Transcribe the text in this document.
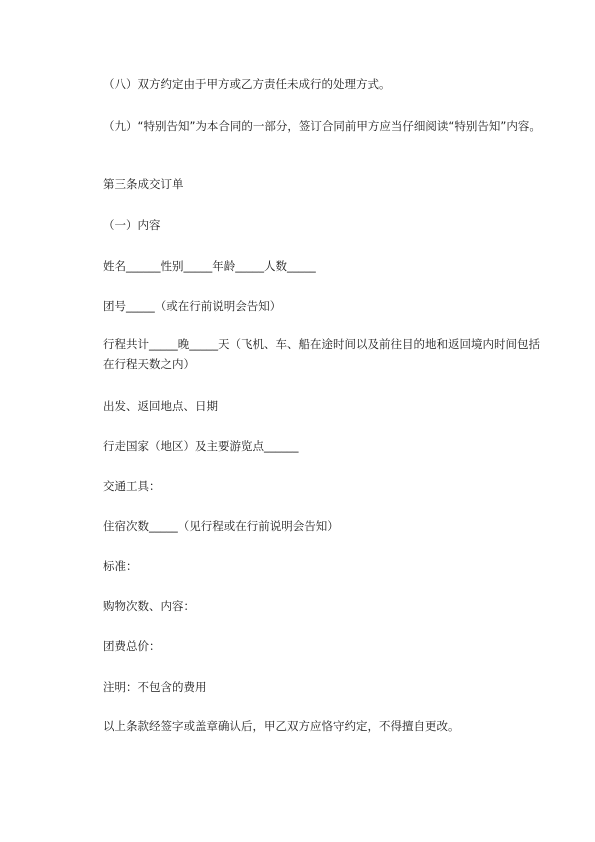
（八）双方约定由于甲方或乙方责任未成行的处理方式。
（九）“特别告知”为本合同的一部分，签订合同前甲方应当仔细阅读“特别告知”内容。
第三条成交订单
（一）内容
姓名______性别_____年龄_____人数_____
团号_____（或在行前说明会告知）
行程共计_____晚_____天（飞机、车、船在途时间以及前往目的地和返回境内时间包括在行程天数之内）
出发、返回地点、日期
行走国家（地区）及主要游览点______
交通工具：
住宿次数_____（见行程或在行前说明会告知）
标准：
购物次数、内容：
团费总价：
注明：不包含的费用
以上条款经签字或盖章确认后，甲乙双方应恪守约定，不得擅自更改。
